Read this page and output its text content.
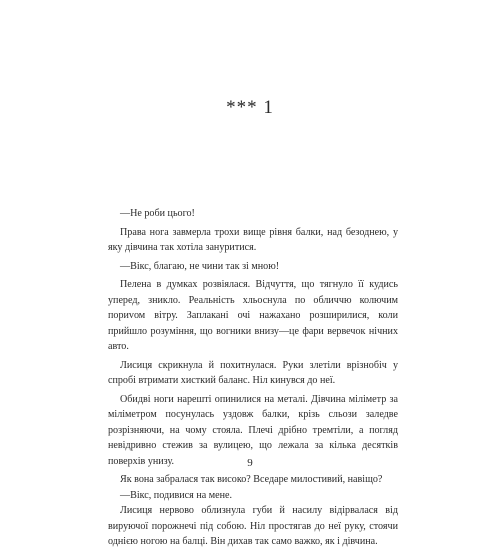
*** 1

—Не роби цього!

Права нога завмерла трохи вище рівня балки, над безоднею, у яку дівчина так хотіла зануритися.

—Вікс, благаю, не чини так зі мною!

Пелена в думках розвіялася. Відчуття, що тягнуло її кудись уперед, зникло. Реальність хльоснула по обличчю колючим пориvом вітру. Заплакані очі нажахано розширилися, коли прийшло розуміння, що вогники внизу—це фари вервечок нічних авто.

Лисиця скрикнула й похитнулася. Руки злетіли врізнобіч у спробі втримати хисткий баланс. Ніл кинувся до неї.

Обидві ноги нарешті опинилися на металі. Дівчина міліметр за міліметром посунулась уздовж балки, крізь сльози заледве розрізняючи, на чому стояла. Плечі дрібно тремтіли, а погляд невідривно стежив за вулицею, що лежала за кілька десятків поверхів унизу.

Як вона забралася так високо? Вседаре милостивий, навіщо?

—Вікс, подивися на мене.

Лисиця нервово облизнула губи й насилу відірвалася від вируючої порожнечі під собою. Ніл простягав до неї руку, стоячи однією ногою на балці. Він дихав так само важко, як і дівчина.

9
